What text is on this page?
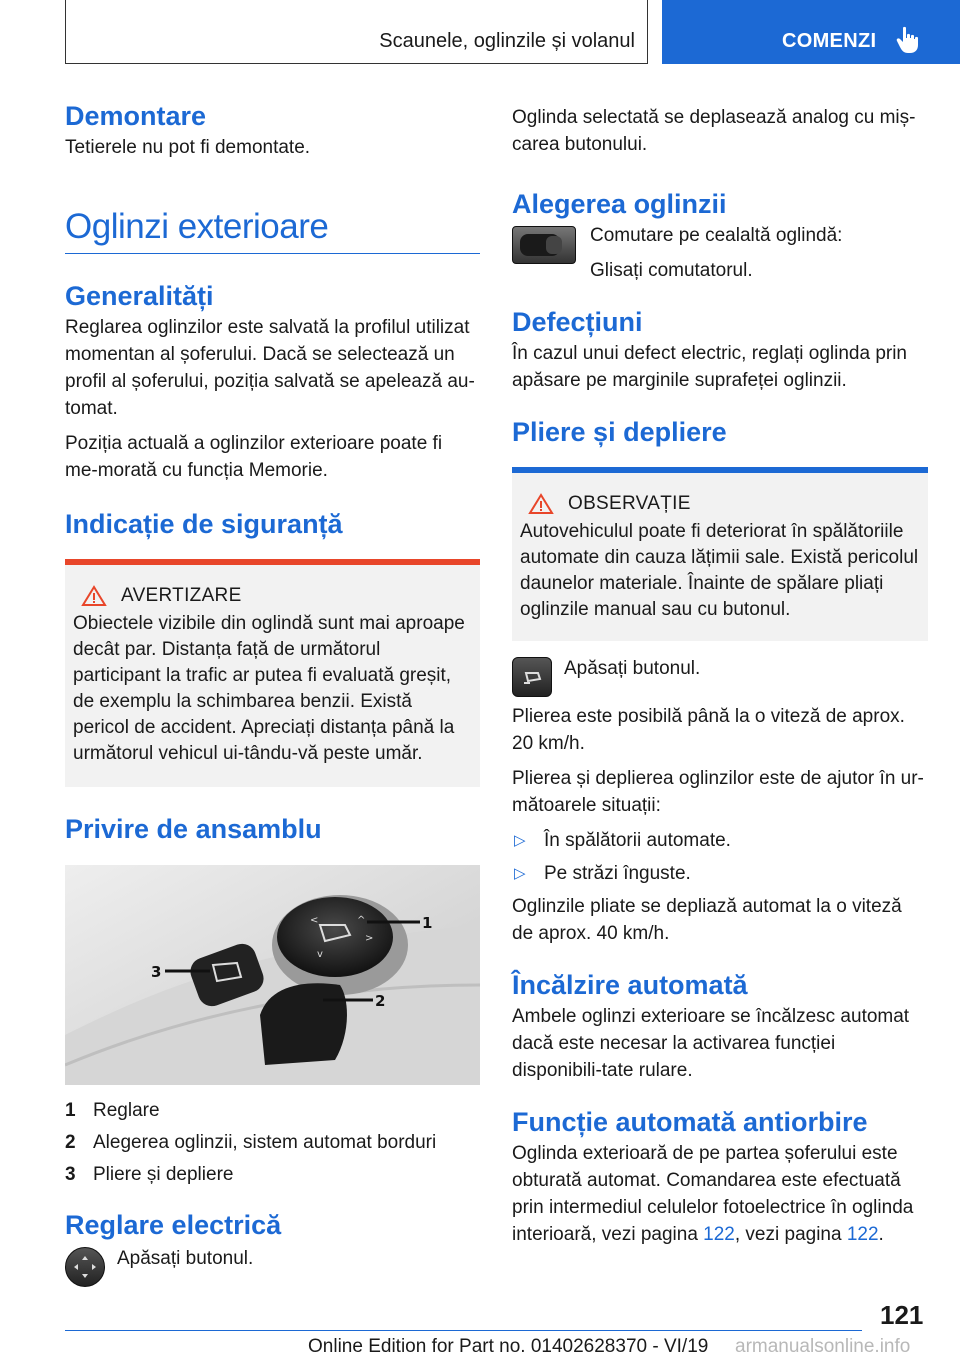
Scaunele, oglinzile și volanul	COMENZI
Demontare

Tetierele nu pot fi demontate.

Oglinzi exterioare
Generalități

Reglarea oglinzilor este salvată la profilul utilizat momentan al șoferului. Dacă se selectează un profil al șoferului, poziția salvată se apelează au‐tomat.

Poziția actuală a oglinzilor exterioare poate fi me‐morată cu funcția Memorie.

Indicație de siguranță
AVERTIZARE
Obiectele vizibile din oglindă sunt mai aproape decât par. Distanța față de următorul participant la trafic ar putea fi evaluată greșit, de exemplu la schimbarea benzii. Există pericol de accident. Apreciați distanța până la următorul vehicul ui‐tându-vă peste umăr.
Privire de ansamblu
<	^
>
v
1
2
3
1 Reglare
2 Alegerea oglinzii, sistem automat borduri
3 Pliere și depliere
Reglare electrică

Apăsați butonul.

Oglinda selectată se deplasează analog cu miș‐carea butonului.

Alegerea oglinzii

Comutare pe cealaltă oglindă:

Glisați comutatorul.

Defecțiuni

În cazul unui defect electric, reglați oglinda prin apăsare pe marginile suprafeței oglinzii.

Pliere și depliere
OBSERVAȚIE
Autovehiculul poate fi deteriorat în spălătoriile automate din cauza lățimii sale. Există pericolul daunelor materiale. Înainte de spălare pliați oglinzile manual sau cu butonul.

Apăsați butonul.

Plierea este posibilă până la o viteză de aprox. 20 km/h.

Plierea și deplierea oglinzilor este de ajutor în ur‐mătoarele situații:

▷ În spălătorii automate.
▷ Pe străzi înguste.

Oglinzile pliate se depliază automat la o viteză de aprox. 40 km/h.

Încălzire automată

Ambele oglinzi exterioare se încălzesc automat dacă este necesar la activarea funcției disponibili‐tate rulare.

Funcție automată antiorbire

Oglinda exterioară de pe partea șoferului este obturată automat. Comandarea este efectuată prin intermediul celulelor fotoelectrice în oglinda interioară, vezi pagina 122, vezi pagina 122.

121
Online Edition for Part no. 01402628370 - VI/19 armanualsonline.info
